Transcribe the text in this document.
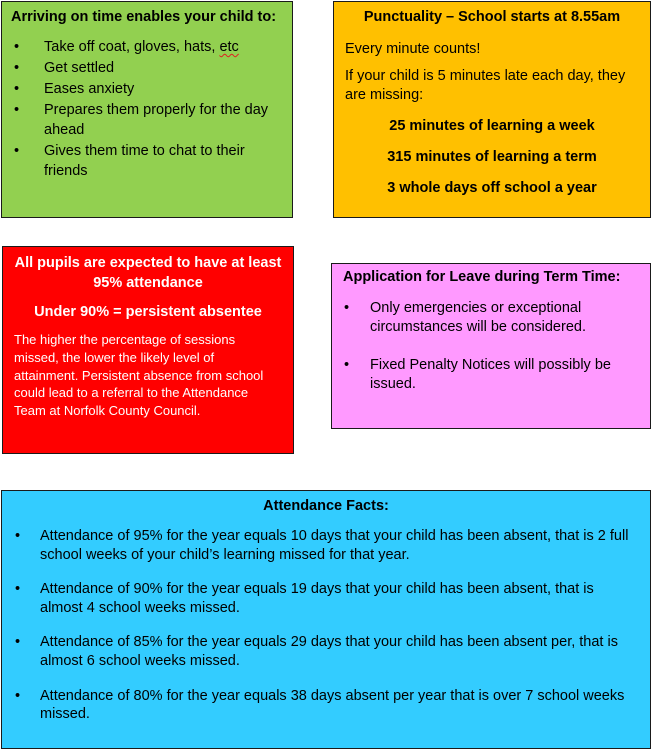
Arriving on time enables your child to:
• Take off coat, gloves, hats, etc
• Get settled
• Eases anxiety
• Prepares them properly for the day ahead
• Gives them time to chat to their friends
Punctuality – School starts at 8.55am

Every minute counts!

If your child is 5 minutes late each day, they are missing:

25 minutes of learning a week

315 minutes of learning a term

3 whole days off school a year

All pupils are expected to have at least 95% attendance

Under 90% = persistent absentee

The higher the percentage of sessions missed, the lower the likely level of attainment. Persistent absence from school could lead to a referral to the Attendance Team at Norfolk County Council.

Application for Leave during Term Time:
• Only emergencies or exceptional circumstances will be considered.
• Fixed Penalty Notices will possibly be issued.
Attendance Facts:
• Attendance of 95% for the year equals 10 days that your child has been absent, that is 2 full school weeks of your child’s learning missed for that year.
• Attendance of 90% for the year equals 19 days that your child has been absent, that is almost 4 school weeks missed.
• Attendance of 85% for the year equals 29 days that your child has been absent per, that is almost 6 school weeks missed.
• Attendance of 80% for the year equals 38 days absent per year that is over 7 school weeks missed.
